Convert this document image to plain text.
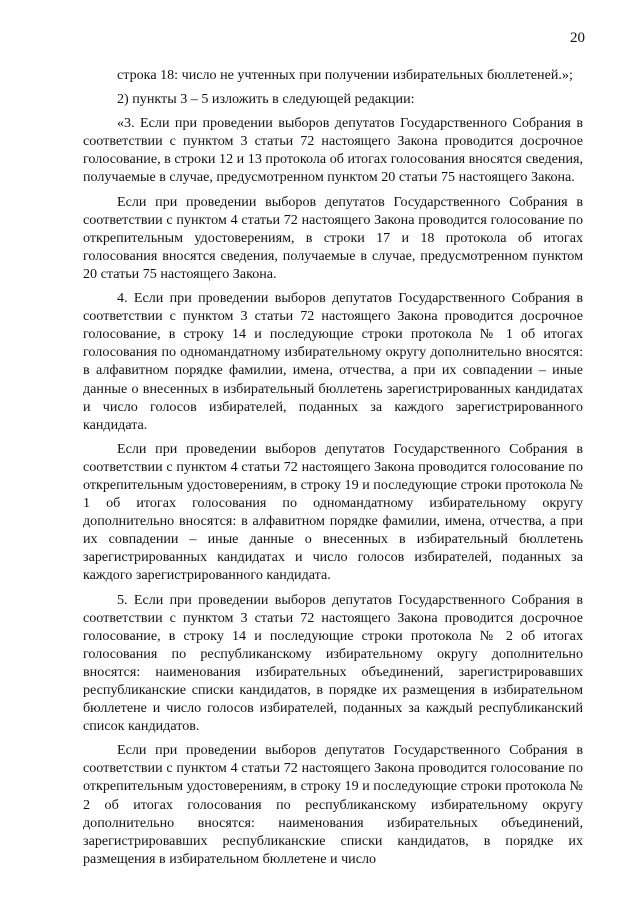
20

строка 18: число не учтенных при получении избирательных бюллетеней.»;

2) пункты 3 – 5 изложить в следующей редакции:

«3. Если при проведении выборов депутатов Государственного Собрания в соответствии с пунктом 3 статьи 72 настоящего Закона проводится досрочное голосование, в строки 12 и 13 протокола об итогах голосования вносятся сведения, получаемые в случае, предусмотренном пунктом 20 статьи 75 настоящего Закона.

Если при проведении выборов депутатов Государственного Собрания в соответствии с пунктом 4 статьи 72 настоящего Закона проводится голосование по открепительным удостоверениям, в строки 17 и 18 протокола об итогах голосования вносятся сведения, получаемые в случае, предусмотренном пунктом 20 статьи 75 настоящего Закона.

4. Если при проведении выборов депутатов Государственного Собрания в соответствии с пунктом 3 статьи 72 настоящего Закона проводится досрочное голосование, в строку 14 и последующие строки протокола № 1 об итогах голосования по одномандатному избирательному округу дополнительно вносятся: в алфавитном порядке фамилии, имена, отчества, а при их совпадении – иные данные о внесенных в избирательный бюллетень зарегистрированных кандидатах и число голосов избирателей, поданных за каждого зарегистрированного кандидата.

Если при проведении выборов депутатов Государственного Собрания в соответствии с пунктом 4 статьи 72 настоящего Закона проводится голосование по открепительным удостоверениям, в строку 19 и последующие строки протокола № 1 об итогах голосования по одномандатному избирательному округу дополнительно вносятся: в алфавитном порядке фамилии, имена, отчества, а при их совпадении – иные данные о внесенных в избирательный бюллетень зарегистрированных кандидатах и число голосов избирателей, поданных за каждого зарегистрированного кандидата.

5. Если при проведении выборов депутатов Государственного Собрания в соответствии с пунктом 3 статьи 72 настоящего Закона проводится досрочное голосование, в строку 14 и последующие строки протокола № 2 об итогах голосования по республиканскому избирательному округу дополнительно вносятся: наименования избирательных объединений, зарегистрировавших республиканские списки кандидатов, в порядке их размещения в избирательном бюллетене и число голосов избирателей, поданных за каждый республиканский список кандидатов.

Если при проведении выборов депутатов Государственного Собрания в соответствии с пунктом 4 статьи 72 настоящего Закона проводится голосование по открепительным удостоверениям, в строку 19 и последующие строки протокола № 2 об итогах голосования по республиканскому избирательному округу дополнительно вносятся: наименования избирательных объединений, зарегистрировавших республиканские списки кандидатов, в порядке их размещения в избирательном бюллетене и число
